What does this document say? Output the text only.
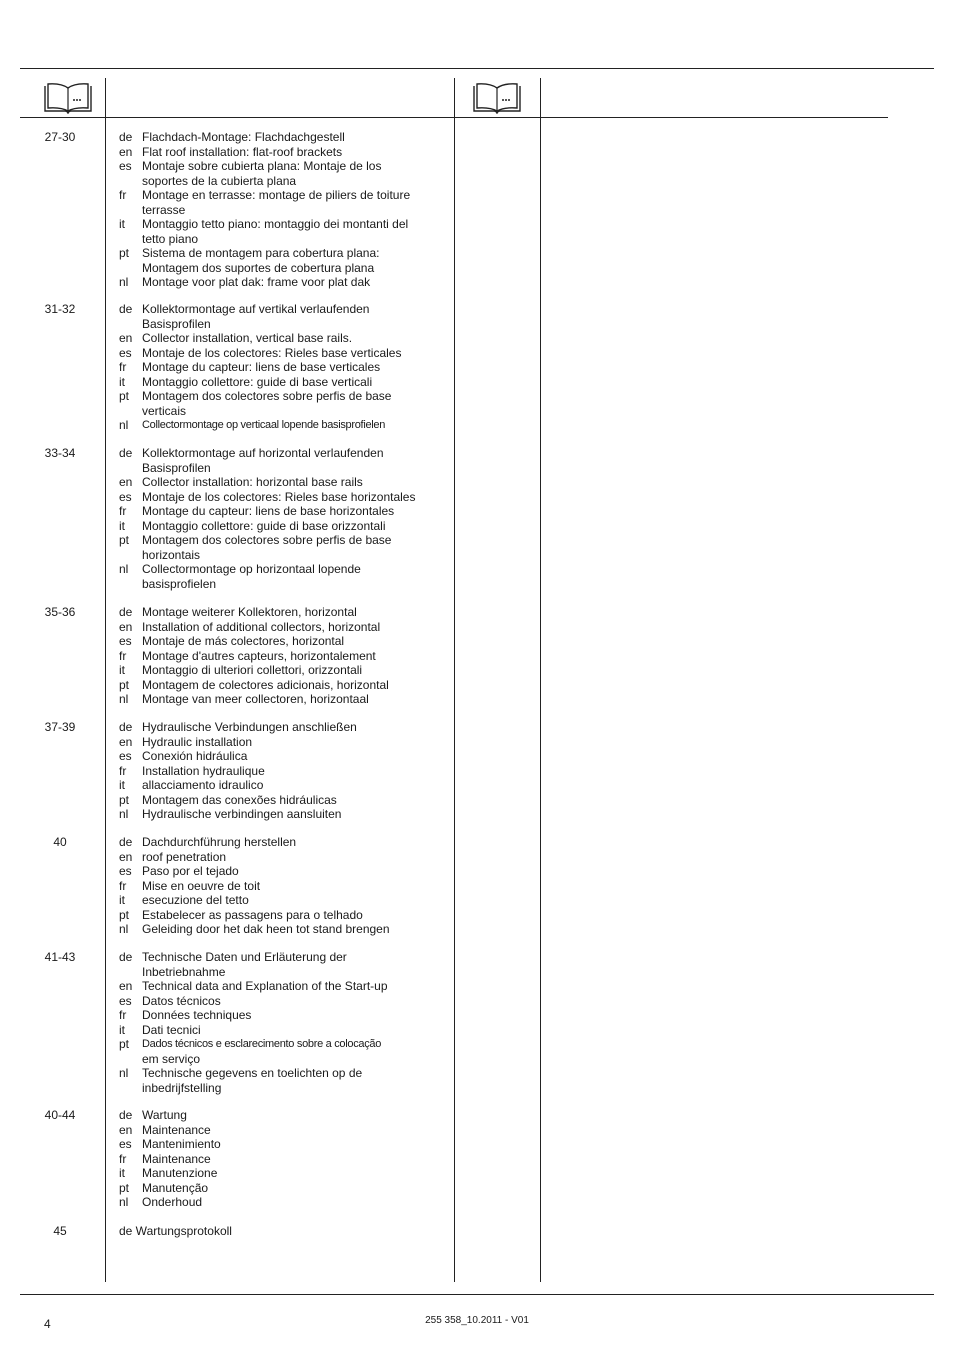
27-30	de Flachdach-Montage: Flachdachgestell
en Flat roof installation: flat-roof brackets
es Montaje sobre cubierta plana: Montaje de los
soportes de la cubierta plana
fr	Montage en terrasse: montage de piliers de toiture
terrasse
it	Montaggio tetto piano: montaggio dei montanti del
tetto piano
pt	Sistema de montagem para cobertura plana:
Montagem dos suportes de cobertura plana
nl	Montage voor plat dak: frame voor plat dak
31-32	de Kollektormontage auf vertikal verlaufenden
Basisprofilen
en Collector installation, vertical base rails.
es Montaje de los colectores: Rieles base verticales
fr	Montage du capteur: liens de base verticales
it	Montaggio collettore: guide di base verticali
pt	Montagem dos colectores sobre perfis de base
verticais
nl	Collectormontage op verticaal lopende basisprofielen
33-34	de Kollektormontage auf horizontal verlaufenden
Basisprofilen
en Collector installation: horizontal base rails
es Montaje de los colectores: Rieles base horizontales
fr	Montage du capteur: liens de base horizontales
it	Montaggio collettore: guide di base orizzontali
pt	Montagem dos colectores sobre perfis de base
horizontais
nl	Collectormontage op horizontaal lopende
basisprofielen
35-36	de Montage weiterer Kollektoren, horizontal
en Installation of additional collectors, horizontal
es Montaje de más colectores, horizontal
fr	Montage d'autres capteurs, horizontalement
it	Montaggio di ulteriori collettori, orizzontali
pt	Montagem de colectores adicionais, horizontal
nl	Montage van meer collectoren, horizontaal
37-39	de Hydraulische Verbindungen anschließen
en Hydraulic installation
es Conexión hidráulica
fr	Installation hydraulique
it	allacciamento idraulico
pt	Montagem das conexões hidráulicas
nl	Hydraulische verbindingen aansluiten
40	de Dachdurchführung herstellen
en roof penetration
es Paso por el tejado
fr	Mise en oeuvre de toit
it	esecuzione del tetto
pt	Estabelecer as passagens para o telhado
nl	Geleiding door het dak heen tot stand brengen
41-43	de Technische Daten und Erläuterung der
Inbetriebnahme
en Technical data and Explanation of the Start-up
es Datos técnicos
fr	Données techniques
it	Dati tecnici
pt	Dados técnicos e esclarecimento sobre a colocação
em serviço
nl	Technische gegevens en toelichten op de
inbedrijfstelling
40-44	de Wartung
en Maintenance
es Mantenimiento
fr	Maintenance
it	Manutenzione
pt	Manutenção
nl	Onderhoud
45	de Wartungsprotokoll
4	255 358_10.2011 - V01
